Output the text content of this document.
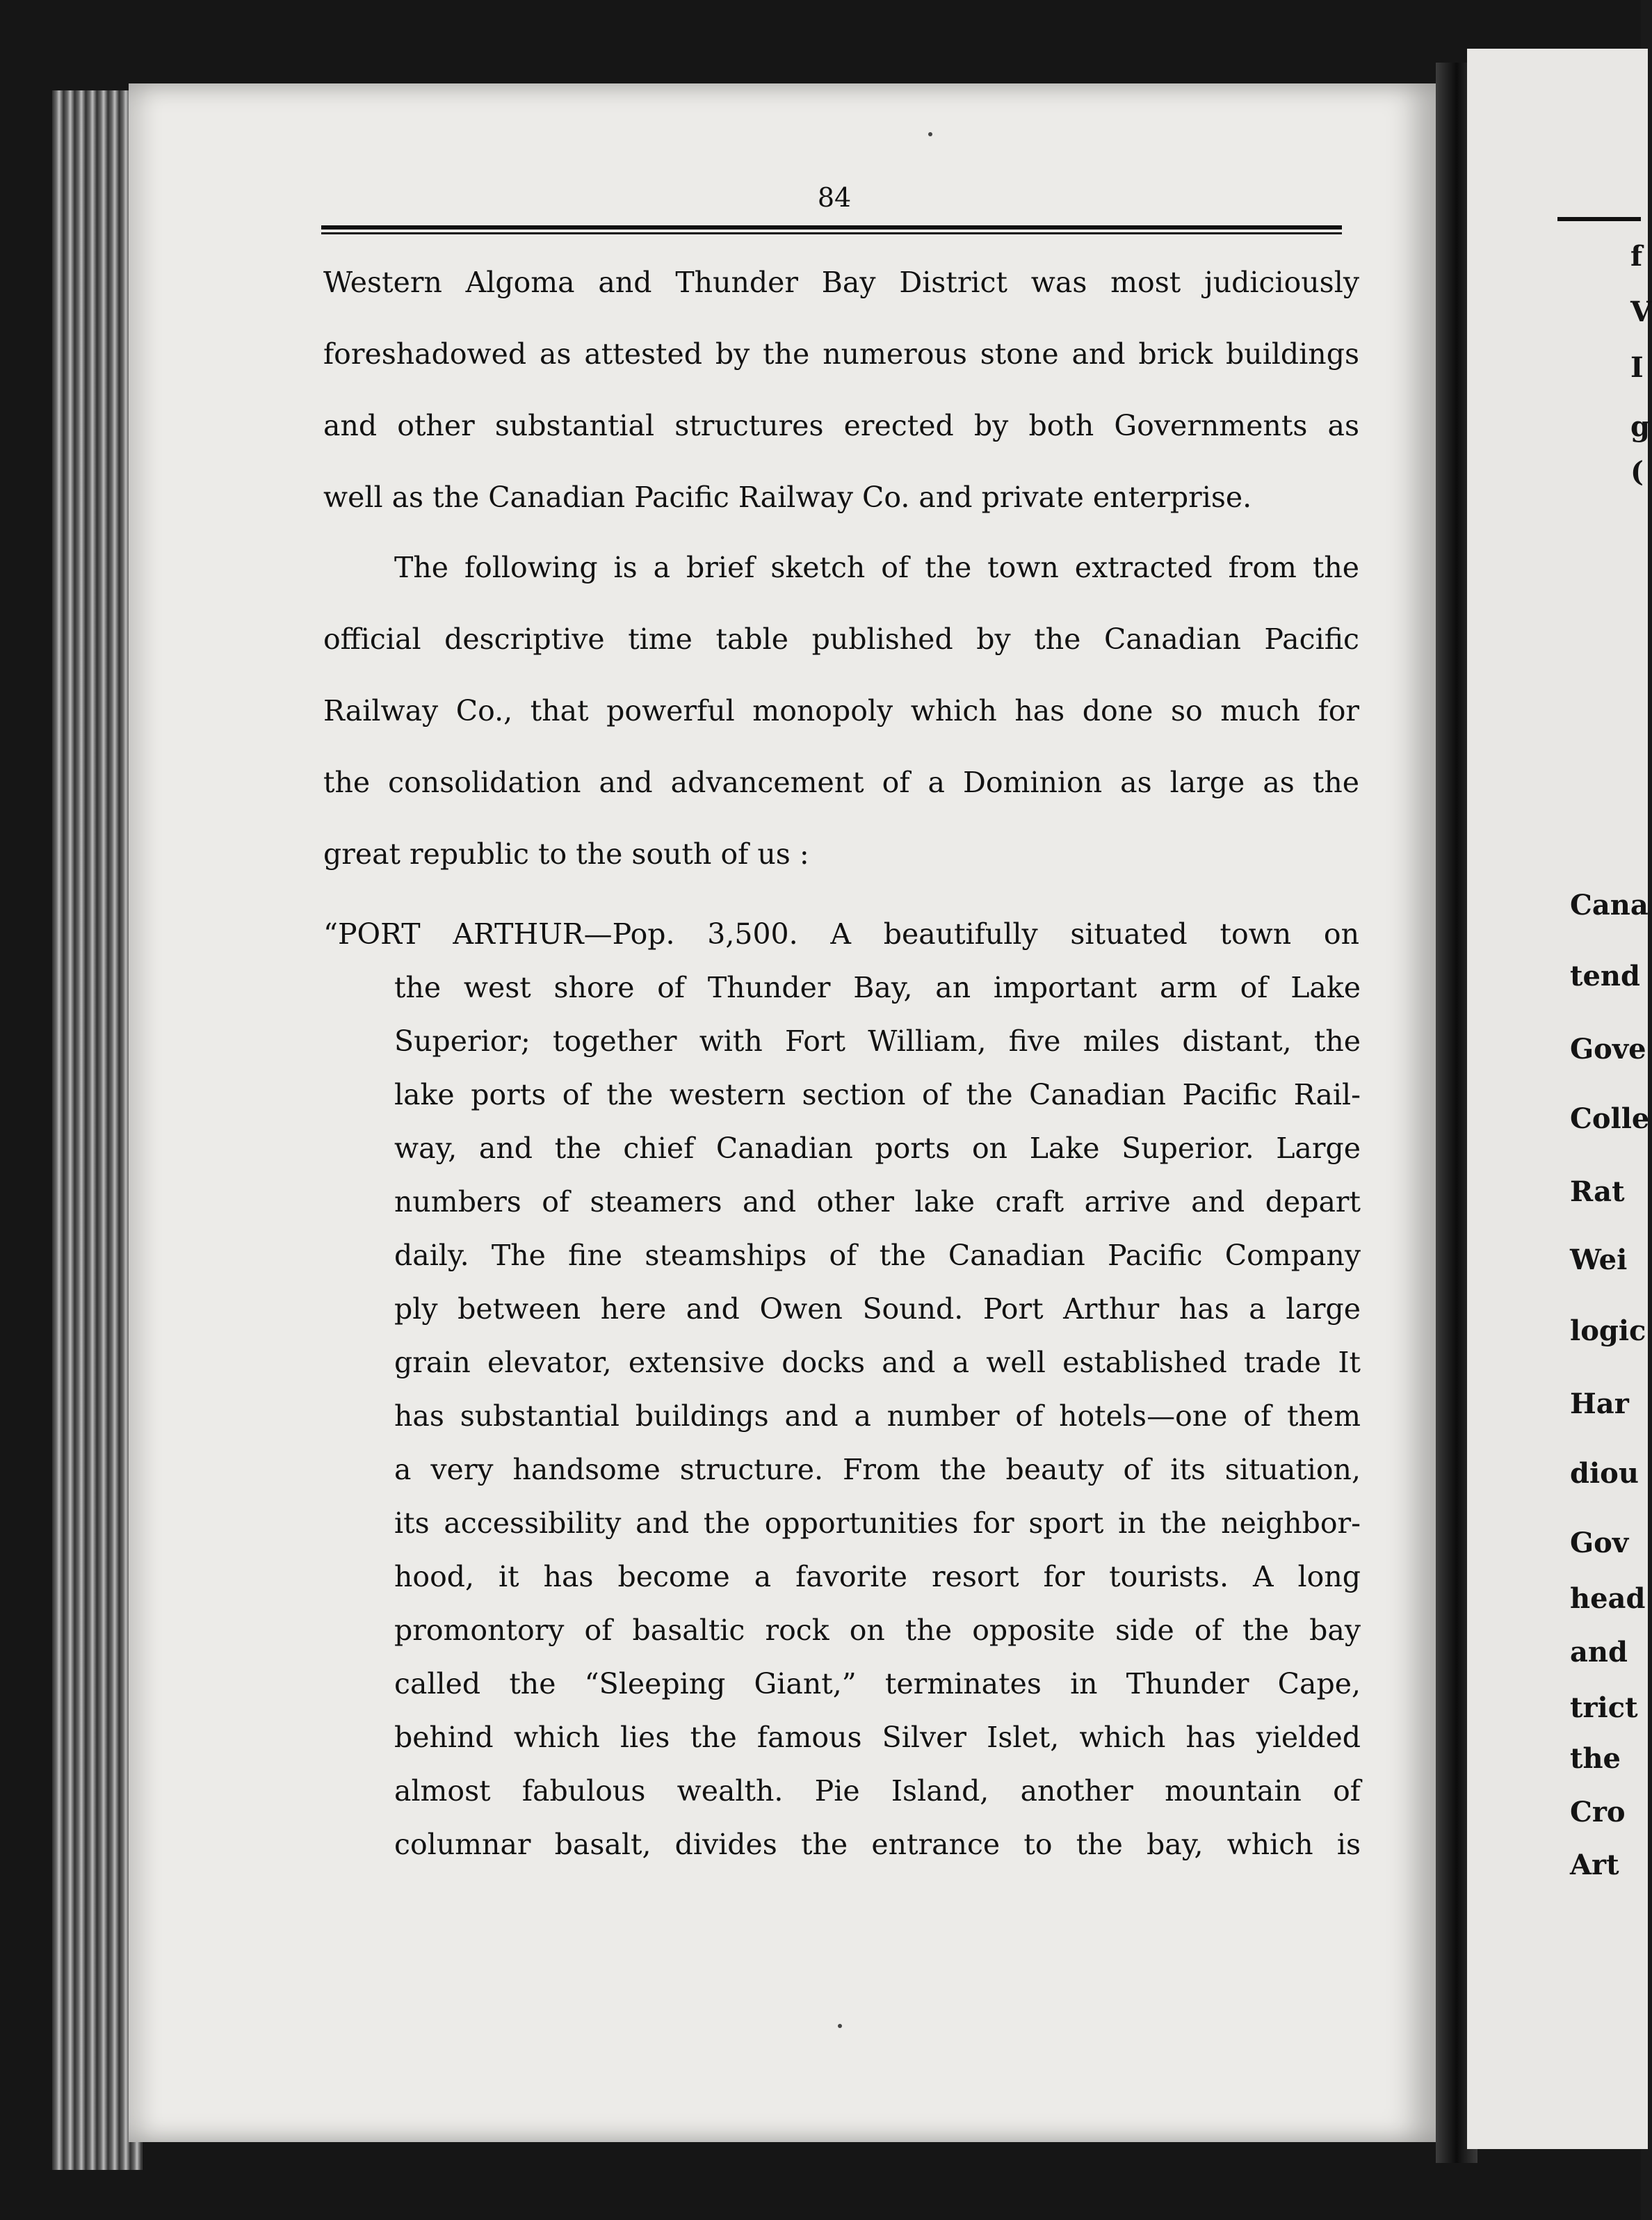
84
Western Algoma and Thunder Bay District was most judiciously
foreshadowed as attested by the numerous stone and brick buildings
and other substantial structures erected by both Governments as
well as the Canadian Pacific Railway Co. and private enterprise.
The following is a brief sketch of the town extracted from the
official descriptive time table published by the Canadian Pacific
Railway Co., that powerful monopoly which has done so much for
the consolidation and advancement of a Dominion as large as the
great republic to the south of us :
“PORT ARTHUR—Pop. 3,500. A beautifully situated town on
the west shore of Thunder Bay, an important arm of Lake
Superior; together with Fort William, five miles distant, the
lake ports of the western section of the Canadian Pacific Rail-
way, and the chief Canadian ports on Lake Superior. Large
numbers of steamers and other lake craft arrive and depart
daily. The fine steamships of the Canadian Pacific Company
ply between here and Owen Sound. Port Arthur has a large
grain elevator, extensive docks and a well established trade It
has substantial buildings and a number of hotels—one of them
a very handsome structure. From the beauty of its situation,
its accessibility and the opportunities for sport in the neighbor-
hood, it has become a favorite resort for tourists. A long
promontory of basaltic rock on the opposite side of the bay
called the “Sleeping Giant,” terminates in Thunder Cape,
behind which lies the famous Silver Islet, which has yielded
almost fabulous wealth. Pie Island, another mountain of
columnar basalt, divides the entrance to the bay, which is
f
V
I
g
(
Cana
tend
Gove
Colle
Rat
Wei
logic
Har
diou
Gov
head
and
trict
the
Cro
Art
